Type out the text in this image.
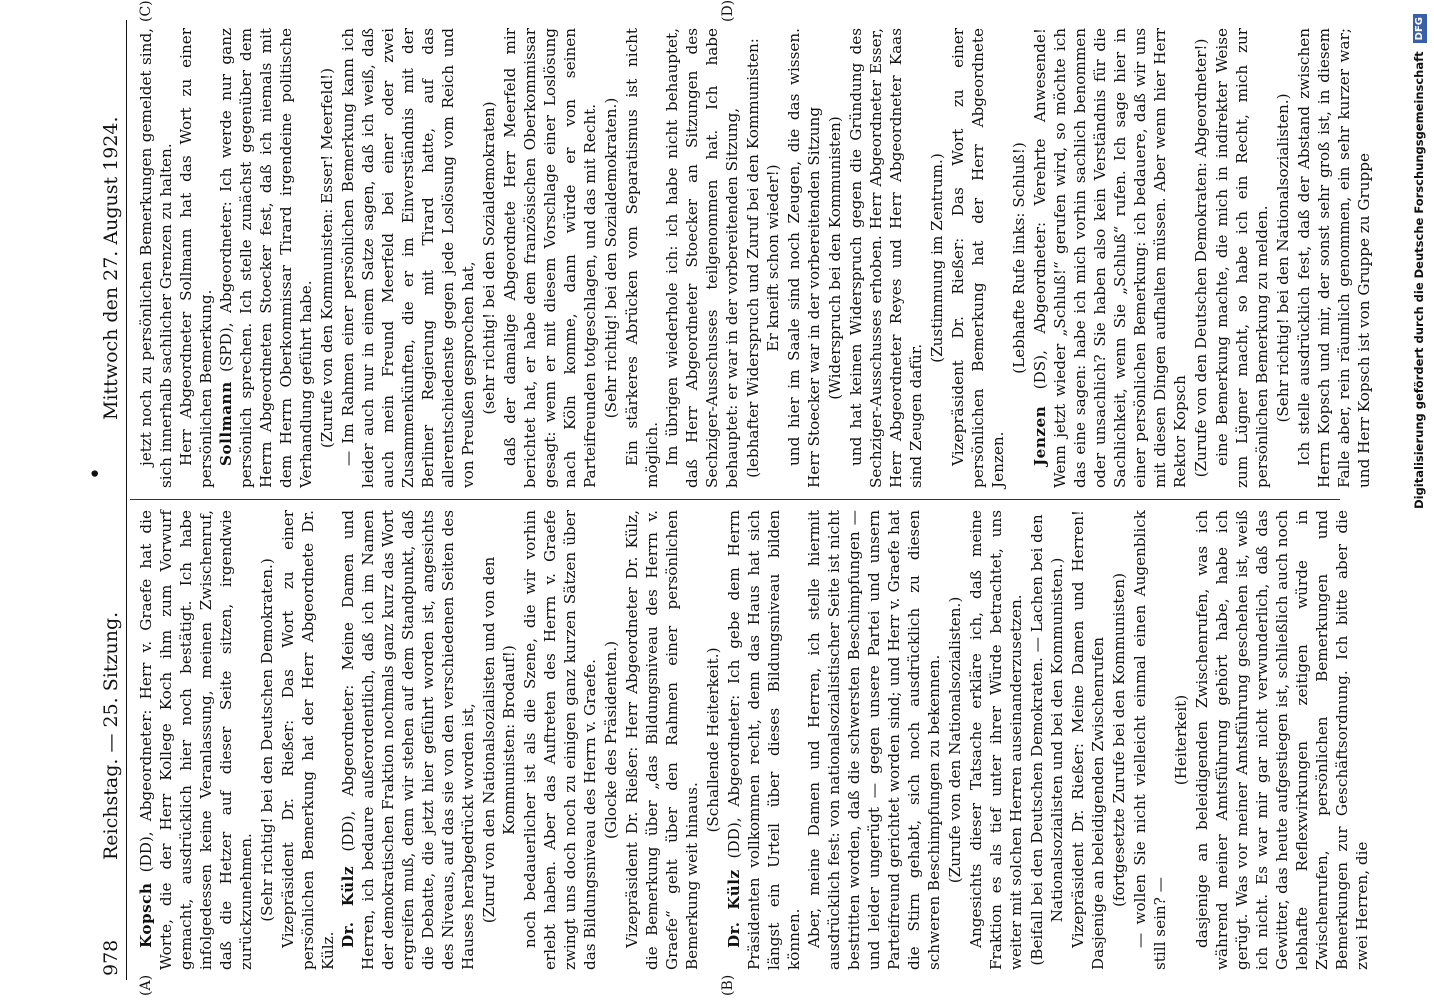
978
Reichstag. — 25. Sitzung.
•
Mittwoch den 27. August 1924.
(A)	(B)
(C)	(D)

Kopsch (DD), Abgeordneter: Herr v. Graefe hat die Worte, die der Herr Kollege Koch ihm zum Vorwurf gemacht, ausdrücklich hier noch bestätigt. Ich habe infolgedessen keine Veranlassung, meinen Zwischenruf, daß die Hetzer auf dieser Seite sitzen, irgendwie zurückzunehmen. (Sehr richtig! bei den Deutschen Demokraten.) Vizepräsident Dr. Rießer: Das Wort zu einer persönlichen Bemerkung hat der Herr Abgeordnete Dr. Külz.

Dr. Külz (DD), Abgeordneter: Meine Damen und Herren, ich bedaure außerordentlich, daß ich im Namen der demokratischen Fraktion nochmals ganz kurz das Wort ergreifen muß, denn wir stehen auf dem Standpunkt, daß die Debatte, die jetzt hier geführt worden ist, angesichts des Niveaus, auf das sie von den verschiedenen Seiten des Hauses herabgedrückt worden ist, (Zuruf von den Nationalsozialisten und von den Kommunisten: Brodauf!) noch bedauerlicher ist als die Szene, die wir vorhin erlebt haben. Aber das Auftreten des Herrn v. Graefe zwingt uns doch noch zu einigen ganz kurzen Sätzen über das Bildungsniveau des Herrn v. Graefe. (Glocke des Präsidenten.) Vizepräsident Dr. Rießer: Herr Abgeordneter Dr. Külz, die Bemerkung über „das Bildungsniveau des Herrn v. Graefe“ geht über den Rahmen einer persönlichen Bemerkung weit hinaus.

(Schallende Heiterkeit.)

Dr. Külz (DD), Abgeordneter: Ich gebe dem Herrn Präsidenten vollkommen recht, denn das Haus hat sich längst ein Urteil über dieses Bildungsniveau bilden können. Aber, meine Damen und Herren, ich stelle hiermit ausdrücklich fest: von nationalsozialistischer Seite ist nicht bestritten worden, daß die schwersten Beschimpfungen — und leider ungerügt — gegen unsere Partei und unsern Parteifreund gerichtet worden sind; und Herr v. Graefe hat die Stirn gehabt, sich noch ausdrücklich zu diesen schweren Beschimpfungen zu bekennen. (Zurufe von den Nationalsozialisten.) Angesichts dieser Tatsache erkläre ich, daß meine Fraktion es als tief unter ihrer Würde betrachtet, uns weiter mit solchen Herren auseinanderzusetzen. (Beifall bei den Deutschen Demokraten. — Lachen bei den Nationalsozialisten und bei den Kommunisten.) Vizepräsident Dr. Rießer: Meine Damen und Herren! Dasjenige an beleidigenden Zwischenrufen (fortgesetzte Zurufe bei den Kommunisten) — wollen Sie nicht vielleicht einmal einen Augenblick still sein? —

(Heiterkeit) dasjenige an beleidigenden Zwischenrufen, was ich während meiner Amtsführung gehört habe, habe ich gerügt. Was vor meiner Amtsführung geschehen ist, weiß ich nicht. Es war mir gar nicht verwunderlich, daß das Gewitter, das heute aufgestiegen ist, schließlich auch noch lebhafte Reflexwirkungen zeitigen würde in Zwischenrufen, persönlichen Bemerkungen und Bemerkungen zur Geschäftsordnung. Ich bitte aber die zwei Herren, die

jetzt noch zu persönlichen Bemerkungen gemeldet sind, sich innerhalb sachlicher Grenzen zu halten. Herr Abgeordneter Sollmann hat das Wort zu einer persönlichen Bemerkung. Sollmann (SPD), Abgeordneter: Ich werde nur ganz persönlich sprechen. Ich stelle zunächst gegenüber dem Herrn Abgeordneten Stoecker fest, daß ich niemals mit dem Herrn Oberkommissar Tirard irgendeine politische Verhandlung geführt habe. (Zurufe von den Kommunisten: Esser! Meerfeld!) — Im Rahmen einer persönlichen Bemerkung kann ich leider auch nur in einem Satze sagen, daß ich weiß, daß auch mein Freund Meerfeld bei einer oder zwei Zusammenkünften, die er im Einverständnis mit der Berliner Regierung mit Tirard hatte, auf das allerentschiedenste gegen jede Loslösung vom Reich und von Preußen gesprochen hat, (sehr richtig! bei den Sozialdemokraten) daß der damalige Abgeordnete Herr Meerfeld mir berichtet hat, er habe dem französischen Oberkommissar gesagt: wenn er mit diesem Vorschlage einer Loslösung nach Köln komme, dann würde er von seinen Parteifreunden totgeschlagen, und das mit Recht. (Sehr richtig! bei den Sozialdemokraten.) Ein stärkeres Abrücken vom Separatismus ist nicht möglich. Im übrigen wiederhole ich: ich habe nicht behauptet, daß Herr Abgeordneter Stoecker an Sitzungen des Sechziger-Ausschusses teilgenommen hat. Ich habe behauptet: er war in der vorbereitenden Sitzung, (lebhafter Widerspruch und Zuruf bei den Kommunisten: Er kneift schon wieder!) und hier im Saale sind noch Zeugen, die das wissen. Herr Stoecker war in der vorbereitenden Sitzung (Widerspruch bei den Kommunisten) und hat keinen Widerspruch gegen die Gründung des Sechziger-Ausschusses erhoben. Herr Abgeordneter Esser, Herr Abgeordneter Reyes und Herr Abgeordneter Kaas sind Zeugen dafür.

(Zustimmung im Zentrum.) Vizepräsident Dr. Rießer: Das Wort zu einer persönlichen Bemerkung hat der Herr Abgeordnete Jenzen.

(Lebhafte Rufe links: Schluß!)

Jenzen (DS), Abgeordneter: Verehrte Anwesende! Wenn jetzt wieder „Schluß!“ gerufen wird, so möchte ich das eine sagen: habe ich mich vorhin sachlich benommen oder unsachlich? Sie haben also kein Verständnis für die Sachlichkeit, wenn Sie „Schluß“ rufen. Ich sage hier in einer persönlichen Bemerkung: ich bedauere, daß wir uns mit diesen Dingen aufhalten müssen. Aber wenn hier Herr Rektor Kopsch (Zurufe von den Deutschen Demokraten: Abgeordneter!) eine Bemerkung machte, die mich in indirekter Weise zum Lügner macht, so habe ich ein Recht, mich zur persönlichen Bemerkung zu melden. (Sehr richtig! bei den Nationalsozialisten.) Ich stelle ausdrücklich fest, daß der Abstand zwischen Herrn Kopsch und mir, der sonst sehr groß ist, in diesem Falle aber, rein räumlich genommen, ein sehr kurzer war; und Herr Kopsch ist von Gruppe zu Gruppe	Digitalisierung gefördert durch die Deutsche Forschungsgemeinschaft DFG
